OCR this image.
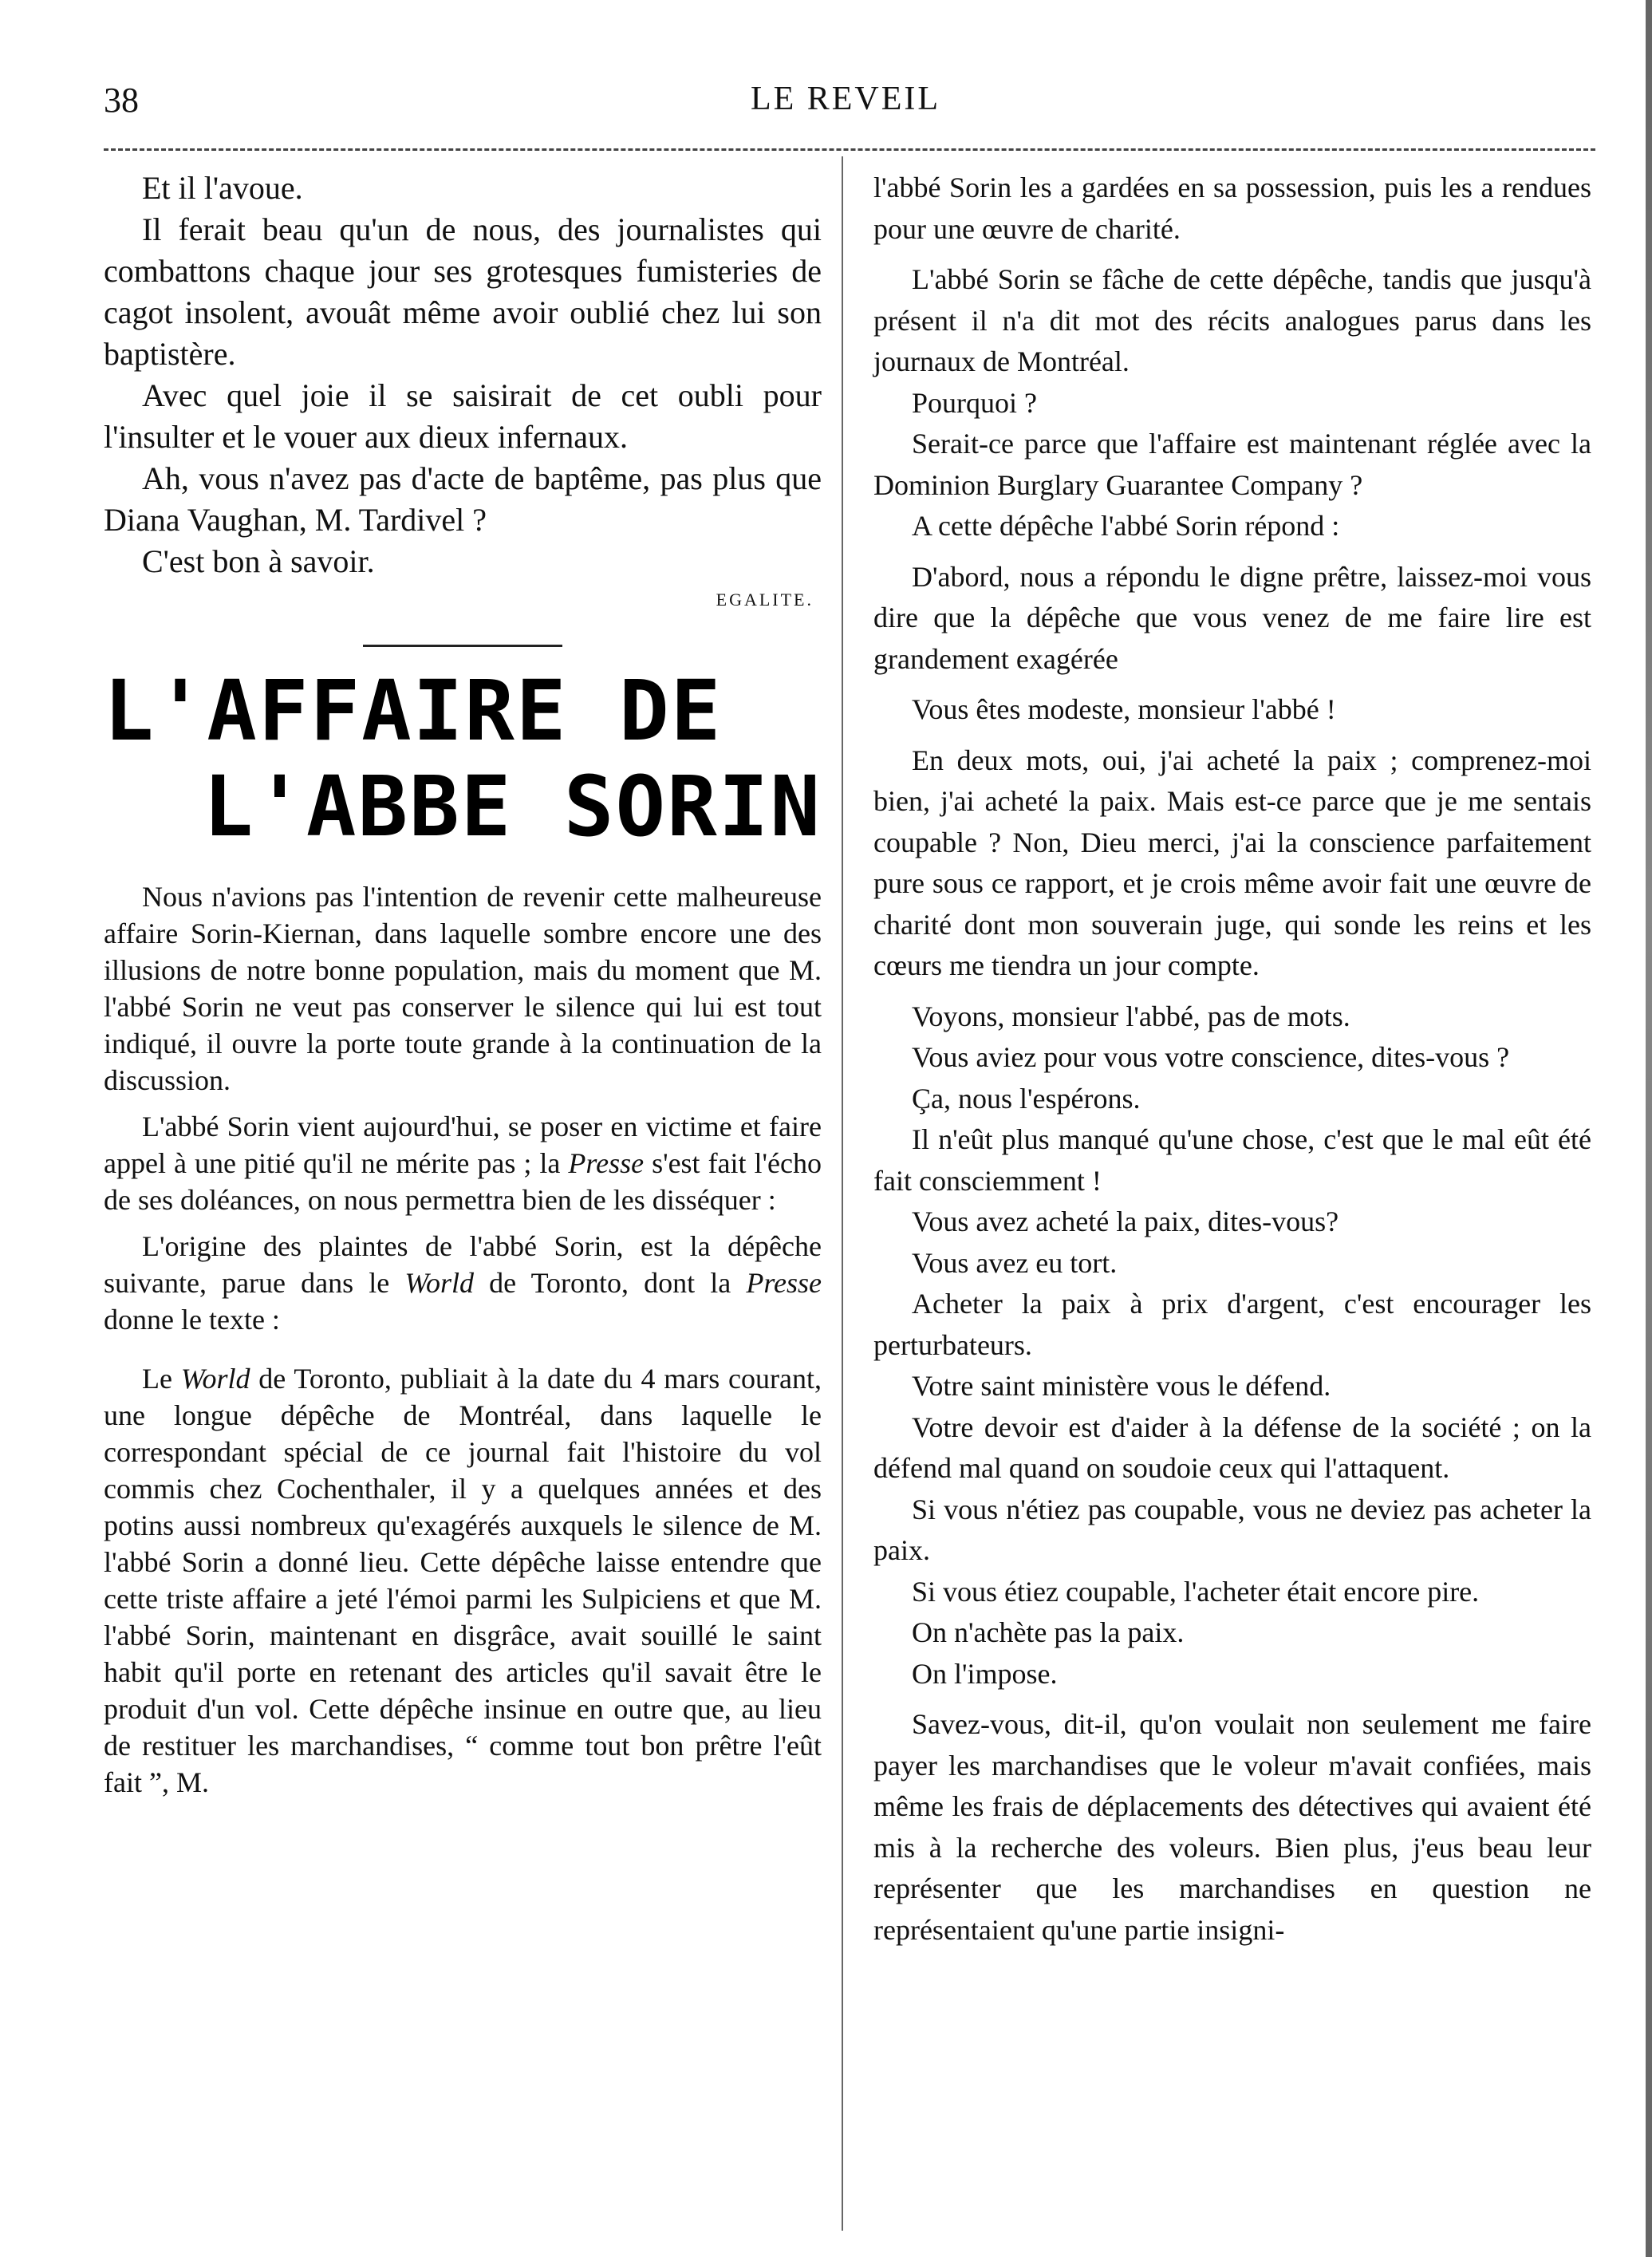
38	LE REVEIL

Et il l'avoue.

Il ferait beau qu'un de nous, des journalistes qui combattons chaque jour ses grotesques fumisteries de cagot insolent, avouât même avoir oublié chez lui son baptistère.

Avec quel joie il se saisirait de cet oubli pour l'insulter et le vouer aux dieux infernaux.

Ah, vous n'avez pas d'acte de baptême, pas plus que Diana Vaughan, M. Tardivel ?

C'est bon à savoir.

EGALITE.
L'AFFAIRE DE
L'ABBE SORIN

Nous n'avions pas l'intention de revenir cette malheureuse affaire Sorin-Kiernan, dans laquelle sombre encore une des illusions de notre bonne population, mais du moment que M. l'abbé Sorin ne veut pas conserver le silence qui lui est tout indiqué, il ouvre la porte toute grande à la continuation de la discussion.

L'abbé Sorin vient aujourd'hui, se poser en victime et faire appel à une pitié qu'il ne mérite pas ; la Presse s'est fait l'écho de ses doléances, on nous permettra bien de les disséquer :

L'origine des plaintes de l'abbé Sorin, est la dépêche suivante, parue dans le World de Toronto, dont la Presse donne le texte :

Le World de Toronto, publiait à la date du 4 mars courant, une longue dépêche de Montréal, dans laquelle le correspondant spécial de ce journal fait l'histoire du vol commis chez Cochenthaler, il y a quelques années et des potins aussi nombreux qu'exagérés auxquels le silence de M. l'abbé Sorin a donné lieu. Cette dépêche laisse entendre que cette triste affaire a jeté l'émoi parmi les Sulpiciens et que M. l'abbé Sorin, maintenant en disgrâce, avait souillé le saint habit qu'il porte en retenant des articles qu'il savait être le produit d'un vol. Cette dépêche insinue en outre que, au lieu de restituer les marchandises, “ comme tout bon prêtre l'eût fait ”, M.

l'abbé Sorin les a gardées en sa possession, puis les a rendues pour une œuvre de charité.

L'abbé Sorin se fâche de cette dépêche, tandis que jusqu'à présent il n'a dit mot des récits analogues parus dans les journaux de Montréal.

Pourquoi ?

Serait-ce parce que l'affaire est maintenant réglée avec la Dominion Burglary Guarantee Company ?

A cette dépêche l'abbé Sorin répond :

D'abord, nous a répondu le digne prêtre, laissez-moi vous dire que la dépêche que vous venez de me faire lire est grandement exagérée

Vous êtes modeste, monsieur l'abbé !

En deux mots, oui, j'ai acheté la paix ; comprenez-moi bien, j'ai acheté la paix. Mais est-ce parce que je me sentais coupable ? Non, Dieu merci, j'ai la conscience parfaitement pure sous ce rapport, et je crois même avoir fait une œuvre de charité dont mon souverain juge, qui sonde les reins et les cœurs me tiendra un jour compte.

Voyons, monsieur l'abbé, pas de mots.

Vous aviez pour vous votre conscience, dites-vous ?

Ça, nous l'espérons.

Il n'eût plus manqué qu'une chose, c'est que le mal eût été fait consciemment !

Vous avez acheté la paix, dites-vous?

Vous avez eu tort.

Acheter la paix à prix d'argent, c'est encourager les perturbateurs.

Votre saint ministère vous le défend.

Votre devoir est d'aider à la défense de la société ; on la défend mal quand on soudoie ceux qui l'attaquent.

Si vous n'étiez pas coupable, vous ne deviez pas acheter la paix.

Si vous étiez coupable, l'acheter était encore pire.

On n'achète pas la paix.

On l'impose.

Savez-vous, dit-il, qu'on voulait non seulement me faire payer les marchandises que le voleur m'avait confiées, mais même les frais de déplacements des détectives qui avaient été mis à la recherche des voleurs. Bien plus, j'eus beau leur représenter que les marchandises en question ne représentaient qu'une partie insigni-
